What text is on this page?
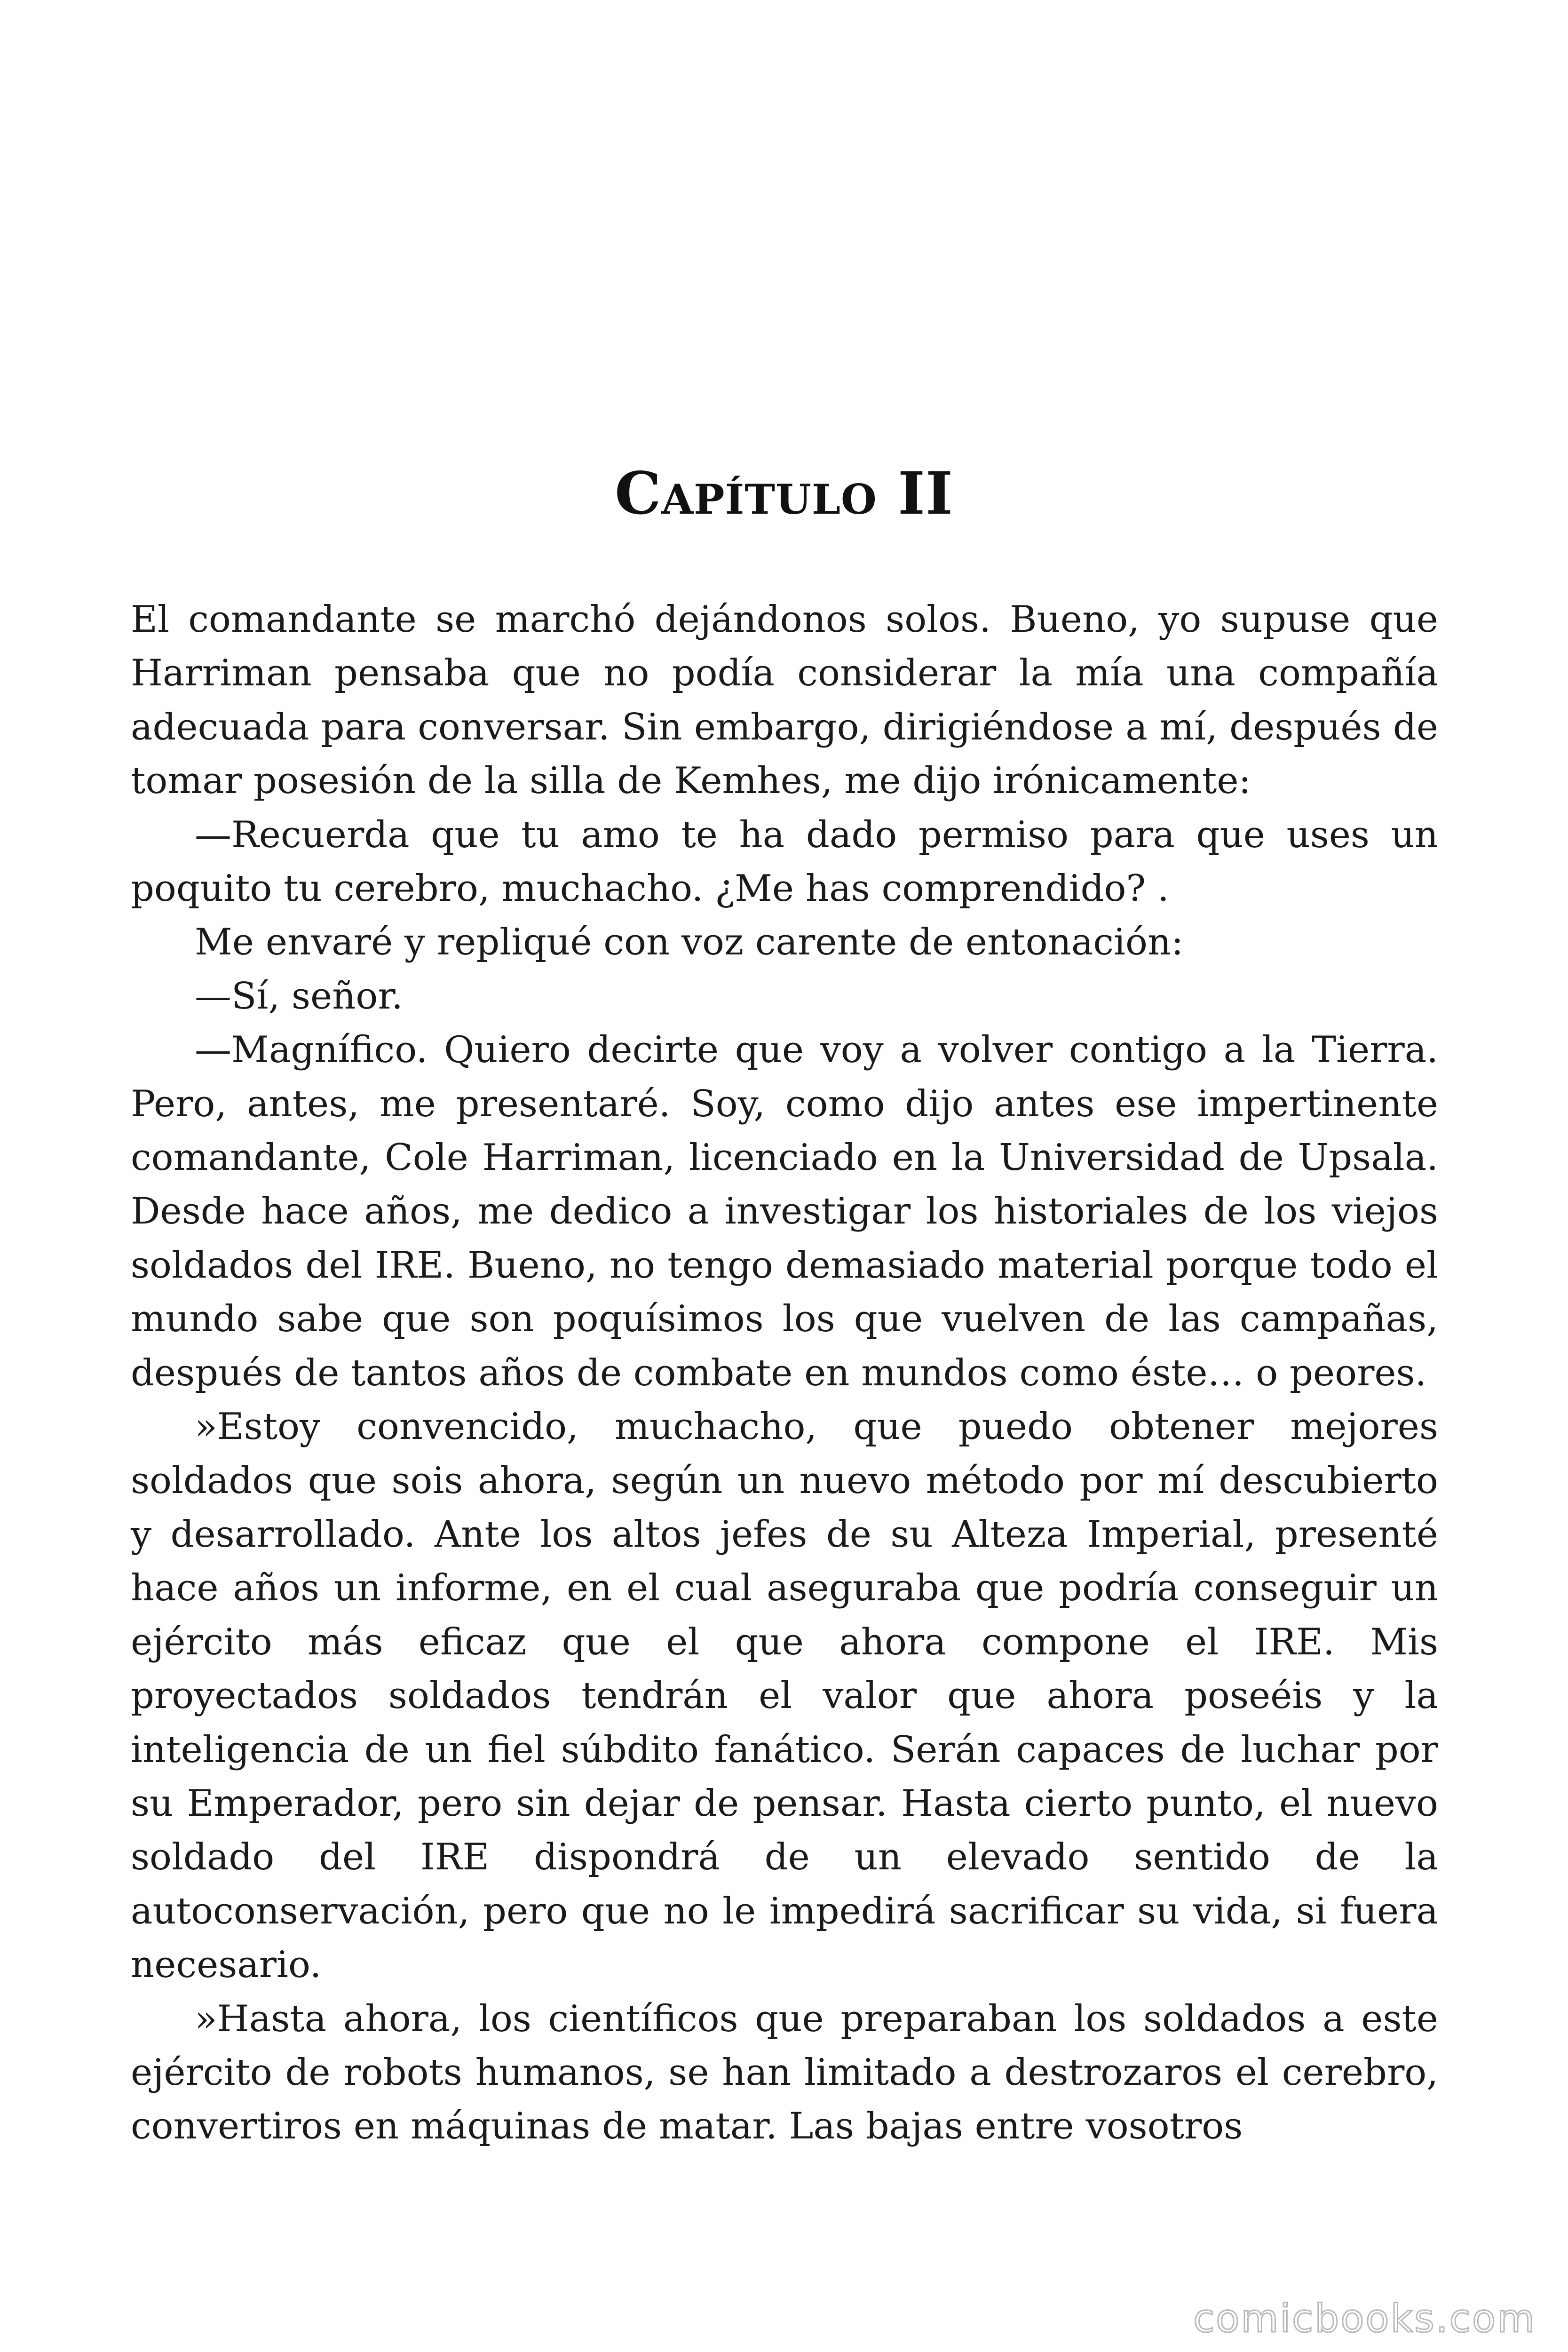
Capítulo II

El comandante se marchó dejándonos solos. Bueno, yo supuse que Harriman pensaba que no podía considerar la mía una compañía adecuada para conversar. Sin embargo, dirigiéndose a mí, después de tomar posesión de la silla de Kemhes, me dijo irónicamente:

—Recuerda que tu amo te ha dado permiso para que uses un poquito tu cerebro, muchacho. ¿Me has comprendido? .

Me envaré y repliqué con voz carente de entonación:

—Sí, señor.

—Magnífico. Quiero decirte que voy a volver contigo a la Tierra. Pero, antes, me presentaré. Soy, como dijo antes ese impertinente comandante, Cole Harriman, licenciado en la Universidad de Upsala. Desde hace años, me dedico a investigar los historiales de los viejos soldados del IRE. Bueno, no tengo demasiado material porque todo el mundo sabe que son poquísimos los que vuelven de las campañas, después de tantos años de combate en mundos como éste… o peores.

»Estoy convencido, muchacho, que puedo obtener mejores soldados que sois ahora, según un nuevo método por mí descubierto y desarrollado. Ante los altos jefes de su Alteza Imperial, presenté hace años un informe, en el cual aseguraba que podría conseguir un ejército más eficaz que el que ahora compone el IRE. Mis proyectados soldados tendrán el valor que ahora poseéis y la inteligencia de un fiel súbdito fanático. Serán capaces de luchar por su Emperador, pero sin dejar de pensar. Hasta cierto punto, el nuevo soldado del IRE dispondrá de un elevado sentido de la autoconservación, pero que no le impedirá sacrificar su vida, si fuera necesario.

»Hasta ahora, los científicos que preparaban los soldados a este ejército de robots humanos, se han limitado a destrozaros el cerebro, convertiros en máquinas de matar. Las bajas entre vosotros

comicbooks.com
